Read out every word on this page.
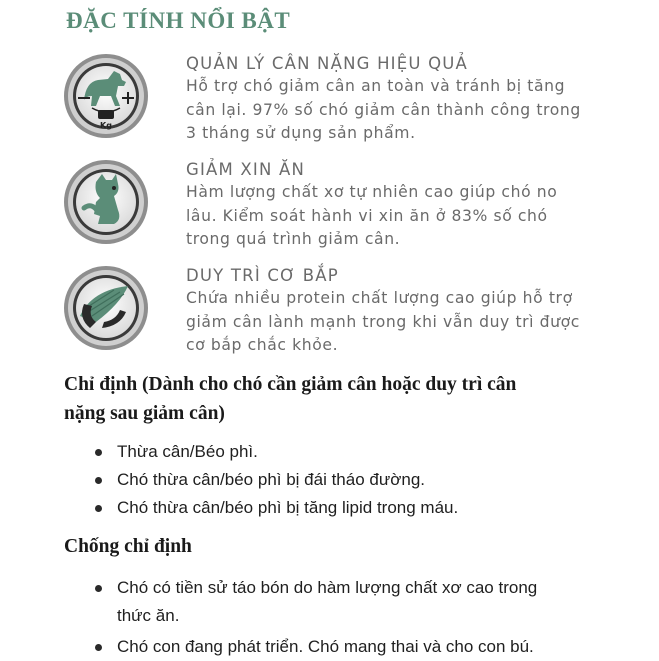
ĐẶC TÍNH NỔI BẬT
Kg
QUẢN LÝ CÂN NẶNG HIỆU QUẢ
Hỗ trợ chó giảm cân an toàn và tránh bị tăng
cân lại. 97% số chó giảm cân thành công trong
3 tháng sử dụng sản phẩm.
GIẢM XIN ĂN
Hàm lượng chất xơ tự nhiên cao giúp chó no
lâu. Kiểm soát hành vi xin ăn ở 83% số chó
trong quá trình giảm cân.
DUY TRÌ CƠ BẮP
Chứa nhiều protein chất lượng cao giúp hỗ trợ
giảm cân lành mạnh trong khi vẫn duy trì được
cơ bắp chắc khỏe.
Chỉ định (Dành cho chó cần giảm cân hoặc duy trì cân
nặng sau giảm cân)
Thừa cân/Béo phì.
Chó thừa cân/béo phì bị đái tháo đường.
Chó thừa cân/béo phì bị tăng lipid trong máu.
Chống chỉ định
Chó có tiền sử táo bón do hàm lượng chất xơ cao trong
thức ăn.
Chó con đang phát triển. Chó mang thai và cho con bú.
